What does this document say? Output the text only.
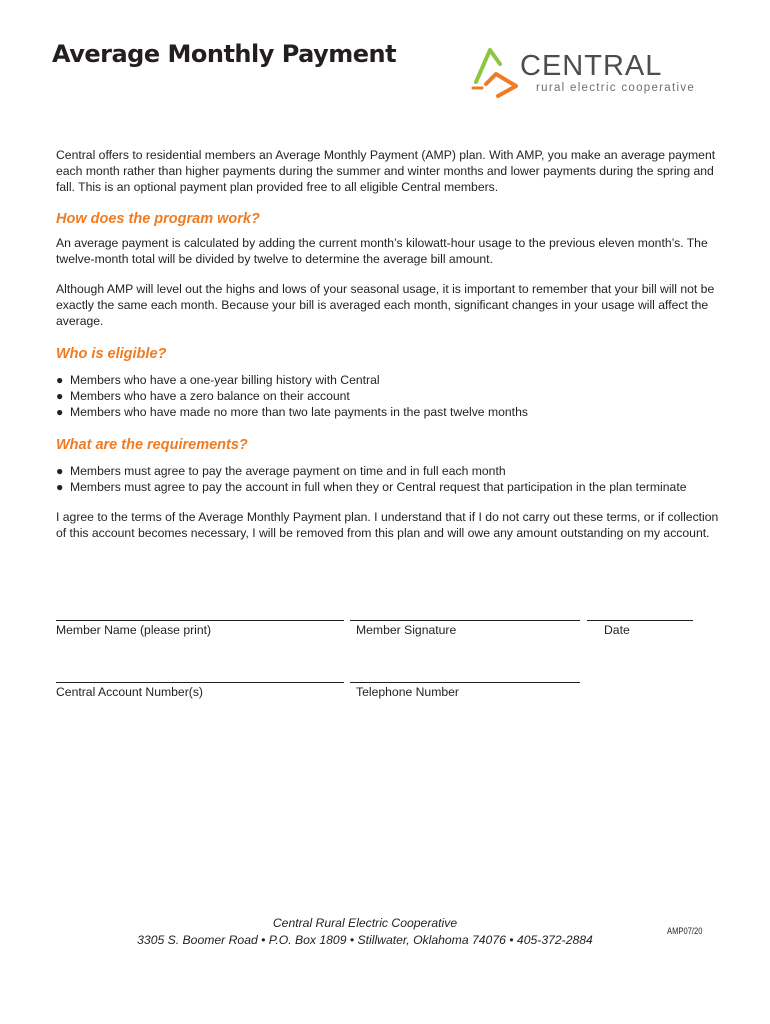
Average Monthly Payment	CENTRAL
rural electric cooperative

Central offers to residential members an Average Monthly Payment (AMP) plan. With AMP, you make an average payment each month rather than higher payments during the summer and winter months and lower payments during the spring and fall. This is an optional payment plan provided free to all eligible Central members.

How does the program work?

An average payment is calculated by adding the current month’s kilowatt-hour usage to the previous eleven month’s. The twelve-month total will be divided by twelve to determine the average bill amount.

Although AMP will level out the highs and lows of your seasonal usage, it is important to remember that your bill will not be exactly the same each month. Because your bill is averaged each month, significant changes in your usage will affect the average.

Who is eligible?
● Members who have a one-year billing history with Central
● Members who have a zero balance on their account
● Members who have made no more than two late payments in the past twelve months
What are the requirements?
● Members must agree to pay the average payment on time and in full each month
● Members must agree to pay the account in full when they or Central request that participation in the plan terminate

I agree to the terms of the Average Monthly Payment plan. I understand that if I do not carry out these terms, or if collection of this account becomes necessary, I will be removed from this plan and will owe any amount outstanding on my account.

Member Name (please print)	Member Signature	Date
Central Account Number(s)	Telephone Number
Central Rural Electric Cooperative
3305 S. Boomer Road • P.O. Box 1809 • Stillwater, Oklahoma 74076 • 405-372-2884
AMP07/20
